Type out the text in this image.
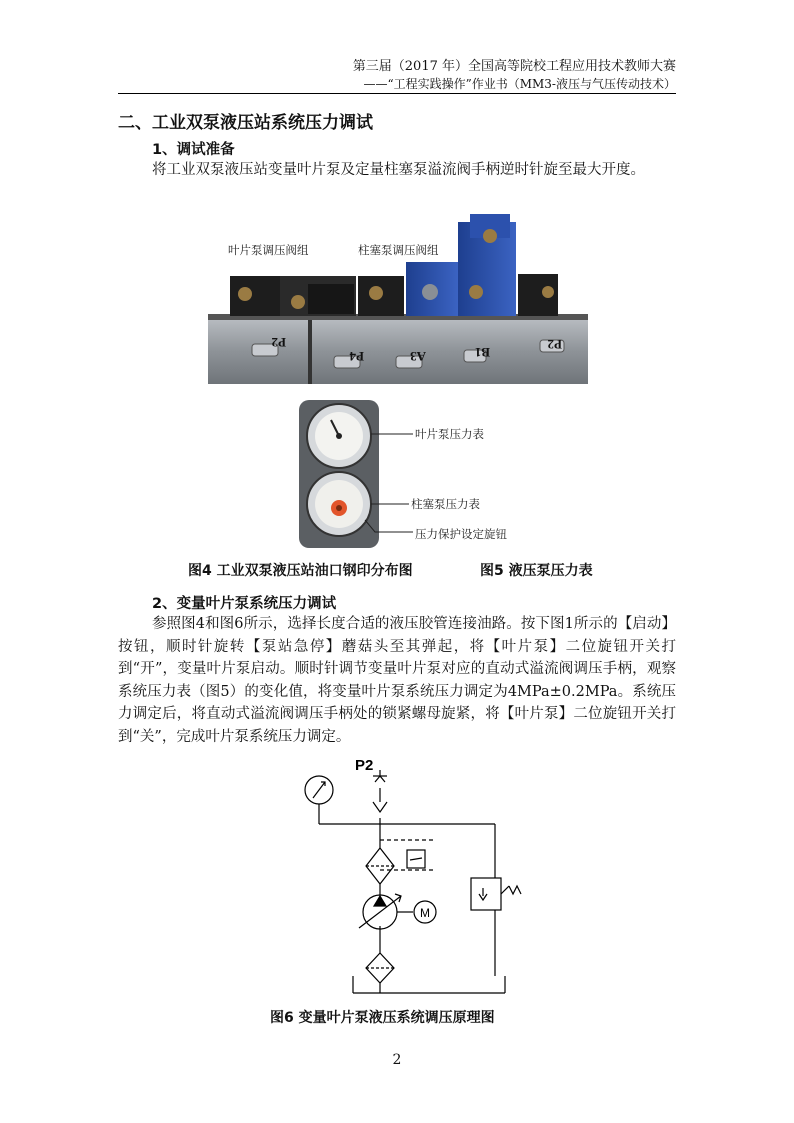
第三届（2017 年）全国高等院校工程应用技术教师大赛
——“工程实践操作”作业书（MM3-液压与气压传动技术）
二、工业双泵液压站系统压力调试
1、调试准备

将工业双泵液压站变量叶片泵及定量柱塞泵溢流阀手柄逆时针旋至最大开度。

叶片泵调压阀组	柱塞泵调压阀组
P2
P4	A3	B1
P2
叶片泵压力表
柱塞泵压力表
压力保护设定旋钮
图4 工业双泵液压站油口钢印分布图	图5 液压泵压力表
2、变量叶片泵系统压力调试

参照图4和图6所示，选择长度合适的液压胶管连接油路。按下图1所示的【启动】按钮，顺时针旋转【泵站急停】蘑菇头至其弹起，将【叶片泵】二位旋钮开关打到“开”，变量叶片泵启动。顺时针调节变量叶片泵对应的直动式溢流阀调压手柄，观察系统压力表（图5）的变化值，将变量叶片泵系统压力调定为4MPa±0.2MPa。系统压力调定后，将直动式溢流阀调压手柄处的锁紧螺母旋紧，将【叶片泵】二位旋钮开关打到“关”，完成叶片泵系统压力调定。

P2
M
图6 变量叶片泵液压系统调压原理图
2
